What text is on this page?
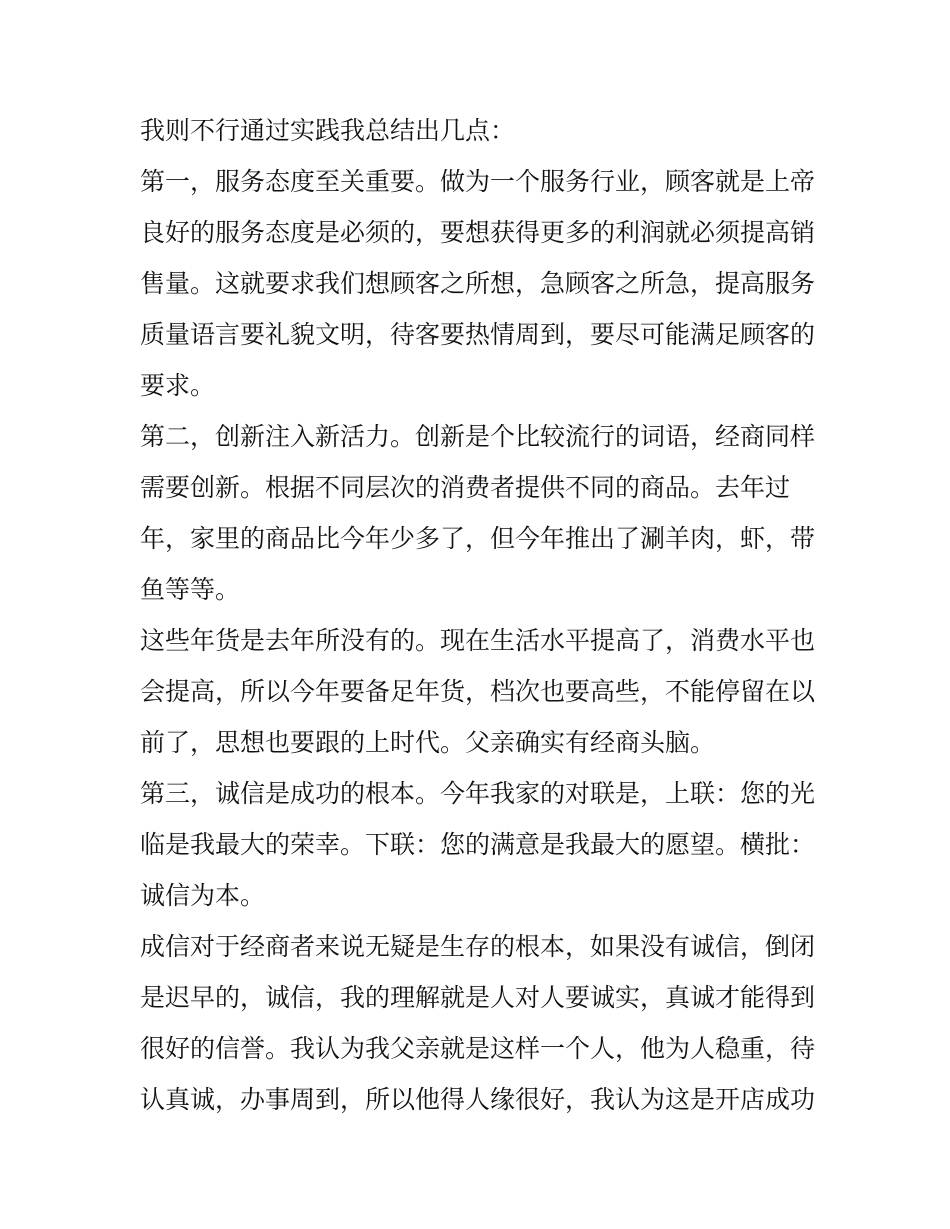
我则不行通过实践我总结出几点：

第一，服务态度至关重要。做为一个服务行业，顾客就是上帝

良好的服务态度是必须的，要想获得更多的利润就必须提高销

售量。这就要求我们想顾客之所想，急顾客之所急，提高服务

质量语言要礼貌文明，待客要热情周到，要尽可能满足顾客的

要求。

第二，创新注入新活力。创新是个比较流行的词语，经商同样

需要创新。根据不同层次的消费者提供不同的商品。去年过

年，家里的商品比今年少多了，但今年推出了涮羊肉，虾，带

鱼等等。

这些年货是去年所没有的。现在生活水平提高了，消费水平也

会提高，所以今年要备足年货，档次也要高些，不能停留在以

前了，思想也要跟的上时代。父亲确实有经商头脑。

第三，诚信是成功的根本。今年我家的对联是，上联：您的光

临是我最大的荣幸。下联：您的满意是我最大的愿望。横批：

诚信为本。

成信对于经商者来说无疑是生存的根本，如果没有诚信，倒闭

是迟早的，诚信，我的理解就是人对人要诚实，真诚才能得到

很好的信誉。我认为我父亲就是这样一个人，他为人稳重，待

认真诚，办事周到，所以他得人缘很好，我认为这是开店成功
